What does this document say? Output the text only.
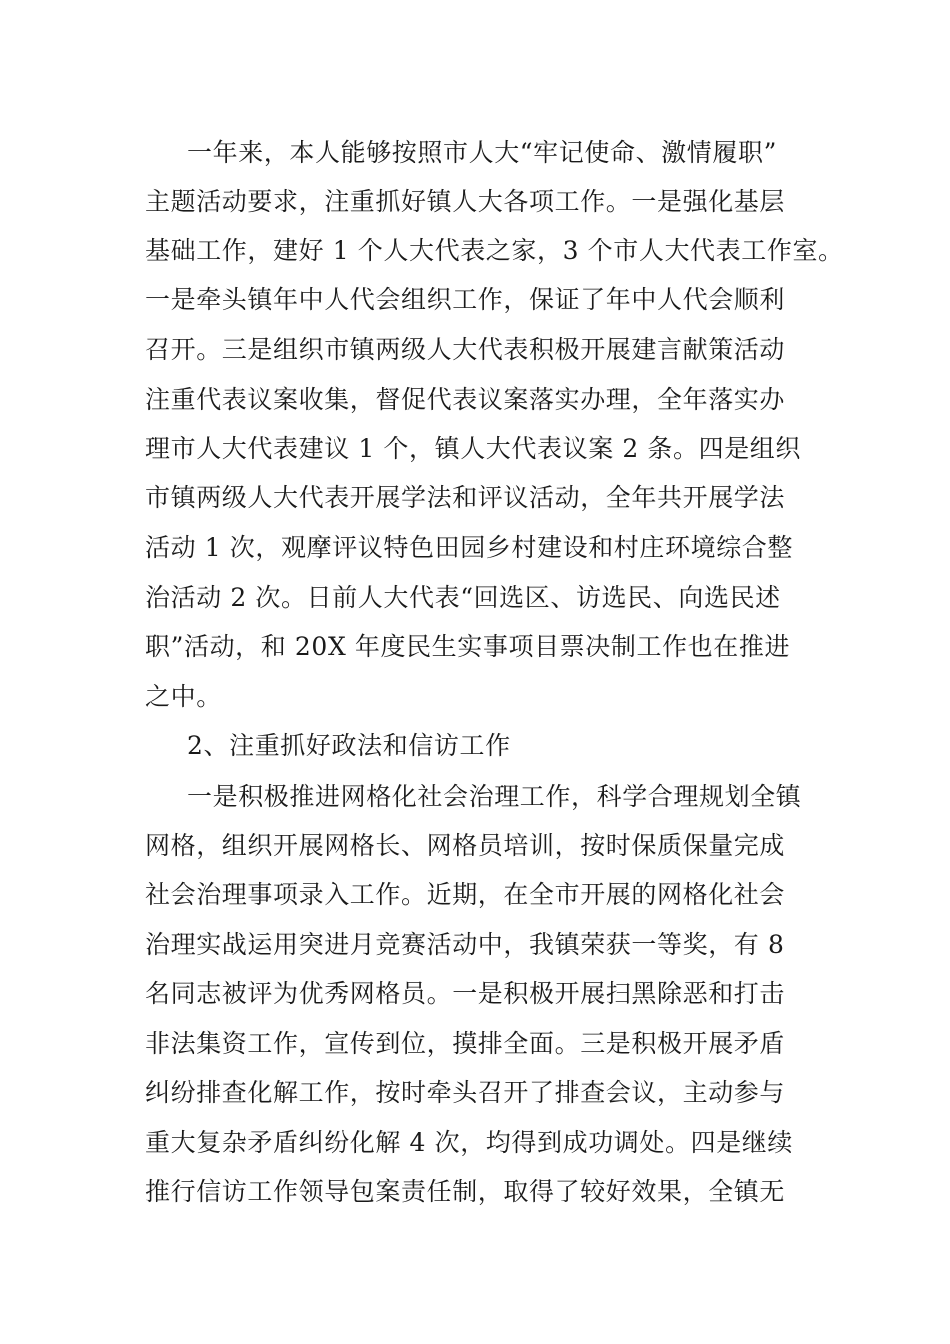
一年来，本人能够按照市人大“牢记使命、激情履职”
主题活动要求，注重抓好镇人大各项工作。一是强化基层
基础工作，建好 1 个人大代表之家，3 个市人大代表工作室。
一是牵头镇年中人代会组织工作，保证了年中人代会顺利
召开。三是组织市镇两级人大代表积极开展建言献策活动
注重代表议案收集，督促代表议案落实办理，全年落实办
理市人大代表建议 1 个，镇人大代表议案 2 条。四是组织
市镇两级人大代表开展学法和评议活动，全年共开展学法
活动 1 次，观摩评议特色田园乡村建设和村庄环境综合整
治活动 2 次。日前人大代表“回选区、访选民、向选民述
职”活动，和 20X 年度民生实事项目票决制工作也在推进
之中。
2、注重抓好政法和信访工作
一是积极推进网格化社会治理工作，科学合理规划全镇
网格，组织开展网格长、网格员培训，按时保质保量完成
社会治理事项录入工作。近期，在全市开展的网格化社会
治理实战运用突进月竞赛活动中，我镇荣获一等奖，有 8
名同志被评为优秀网格员。一是积极开展扫黑除恶和打击
非法集资工作，宣传到位，摸排全面。三是积极开展矛盾
纠纷排查化解工作，按时牵头召开了排查会议，主动参与
重大复杂矛盾纠纷化解 4 次，均得到成功调处。四是继续
推行信访工作领导包案责任制，取得了较好效果，全镇无
